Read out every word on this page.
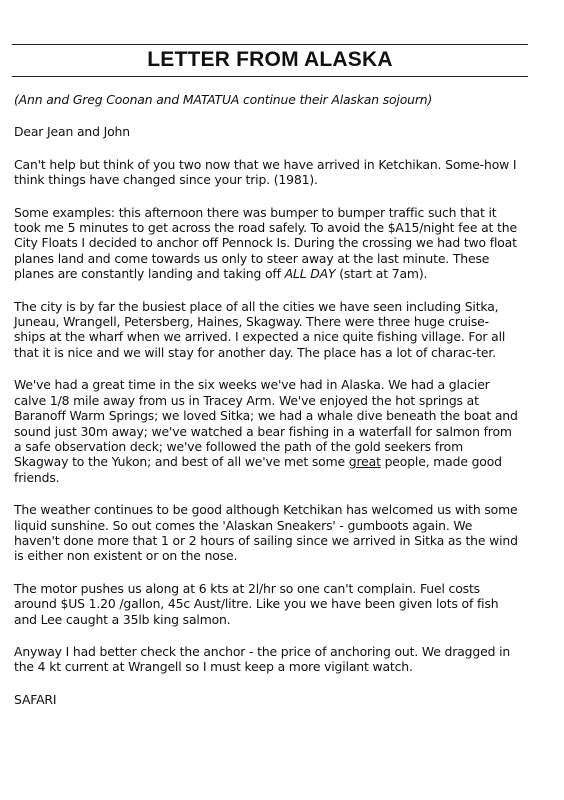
LETTER FROM ALASKA

(Ann and Greg Coonan and MATATUA continue their Alaskan sojourn)

Dear Jean and John

Can't help but think of you two now that we have arrived in Ketchikan. Some-how I think things have changed since your trip. (1981).

Some examples: this afternoon there was bumper to bumper traffic such that it took me 5 minutes to get across the road safely. To avoid the $A15/night fee at the City Floats I decided to anchor off Pennock Is. During the crossing we had two float planes land and come towards us only to steer away at the last minute. These planes are constantly landing and taking off ALL DAY (start at 7am).

The city is by far the busiest place of all the cities we have seen including Sitka, Juneau, Wrangell, Petersberg, Haines, Skagway. There were three huge cruise-ships at the wharf when we arrived. I expected a nice quite fishing village. For all that it is nice and we will stay for another day. The place has a lot of charac-ter.

We've had a great time in the six weeks we've had in Alaska. We had a glacier calve 1/8 mile away from us in Tracey Arm. We've enjoyed the hot springs at Baranoff Warm Springs; we loved Sitka; we had a whale dive beneath the boat and sound just 30m away; we've watched a bear fishing in a waterfall for salmon from a safe observation deck; we've followed the path of the gold seekers from Skagway to the Yukon; and best of all we've met some great people, made good friends.

The weather continues to be good although Ketchikan has welcomed us with some liquid sunshine. So out comes the 'Alaskan Sneakers' - gumboots again. We haven't done more that 1 or 2 hours of sailing since we arrived in Sitka as the wind is either non existent or on the nose.

The motor pushes us along at 6 kts at 2l/hr so one can't complain. Fuel costs around $US 1.20 /gallon, 45c Aust/litre. Like you we have been given lots of fish and Lee caught a 35lb king salmon.

Anyway I had better check the anchor - the price of anchoring out. We dragged in the 4 kt current at Wrangell so I must keep a more vigilant watch.

SAFARI
